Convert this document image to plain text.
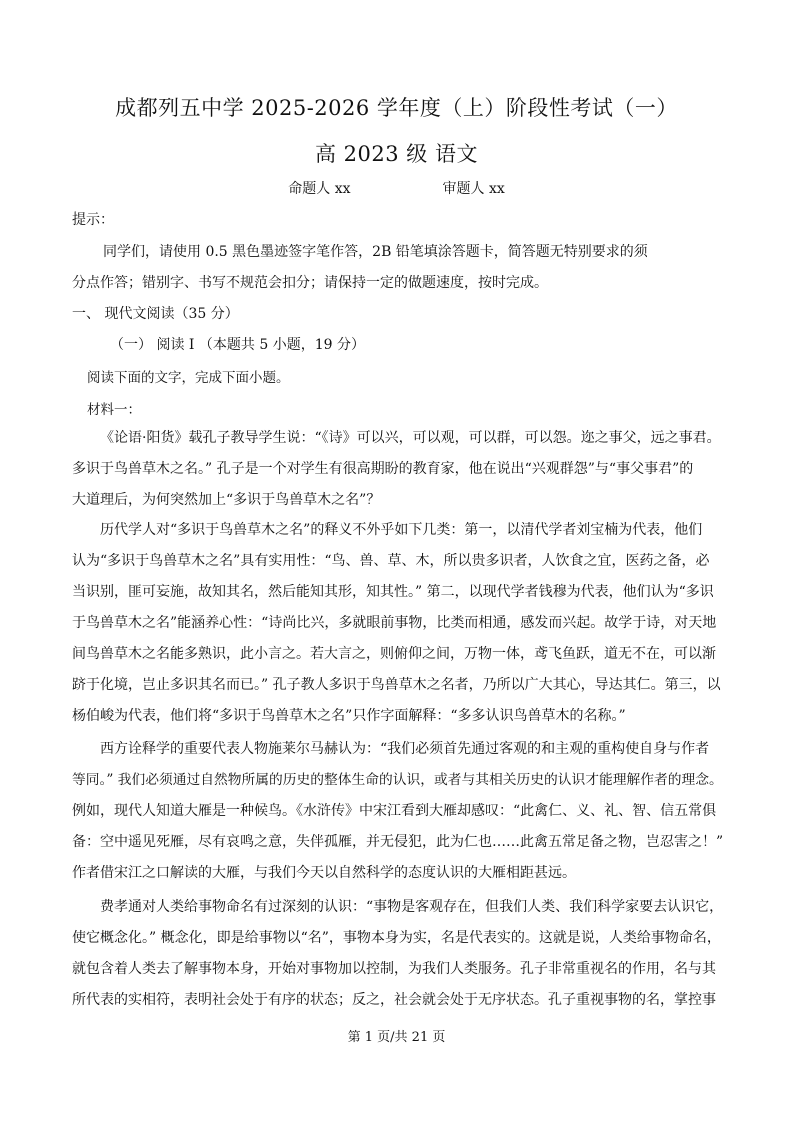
成都列五中学 2025-2026 学年度（上）阶段性考试（一）
高 2023 级 语文
命题人 xx	审题人 xx
提示：
同学们，请使用 0.5 黑色墨迹签字笔作答，2B 铅笔填涂答题卡，简答题无特别要求的须
分点作答；错别字、书写不规范会扣分；请保持一定的做题速度，按时完成。
一、 现代文阅读（35 分）
（一） 阅读 I （本题共 5 小题，19 分）
阅读下面的文字，完成下面小题。
材料一：
《论语·阳货》载孔子教导学生说：“《诗》可以兴，可以观，可以群，可以怨。迩之事父，远之事君。
多识于鸟兽草木之名。” 孔子是一个对学生有很高期盼的教育家，他在说出“兴观群怨”与“事父事君”的
大道理后，为何突然加上“多识于鸟兽草木之名”？
历代学人对“多识于鸟兽草木之名”的释义不外乎如下几类：第一，以清代学者刘宝楠为代表，他们
认为“多识于鸟兽草木之名”具有实用性：“鸟、兽、草、木，所以贵多识者，人饮食之宜，医药之备，必
当识别，匪可妄施，故知其名，然后能知其形，知其性。” 第二，以现代学者钱穆为代表，他们认为“多识
于鸟兽草木之名”能涵养心性：“诗尚比兴，多就眼前事物，比类而相通，感发而兴起。故学于诗，对天地
间鸟兽草木之名能多熟识，此小言之。若大言之，则俯仰之间，万物一体，鸢飞鱼跃，道无不在，可以渐
跻于化境，岂止多识其名而已。” 孔子教人多识于鸟兽草木之名者，乃所以广大其心，导达其仁。第三，以
杨伯峻为代表，他们将“多识于鸟兽草木之名”只作字面解释：“多多认识鸟兽草木的名称。”
西方诠释学的重要代表人物施莱尔马赫认为：“我们必须首先通过客观的和主观的重构使自身与作者
等同。” 我们必须通过自然物所属的历史的整体生命的认识，或者与其相关历史的认识才能理解作者的理念。
例如，现代人知道大雁是一种候鸟。《水浒传》中宋江看到大雁却感叹：“此禽仁、义、礼、智、信五常俱
备：空中遥见死雁，尽有哀鸣之意，失伴孤雁，并无侵犯，此为仁也……此禽五常足备之物，岂忍害之！”
作者借宋江之口解读的大雁，与我们今天以自然科学的态度认识的大雁相距甚远。
费孝通对人类给事物命名有过深刻的认识：“事物是客观存在，但我们人类、我们科学家要去认识它，
使它概念化。” 概念化，即是给事物以“名”，事物本身为实，名是代表实的。这就是说，人类给事物命名，
就包含着人类去了解事物本身，开始对事物加以控制，为我们人类服务。孔子非常重视名的作用，名与其
所代表的实相符，表明社会处于有序的状态；反之，社会就会处于无序状态。孔子重视事物的名，掌控事
第 1 页/共 21 页
